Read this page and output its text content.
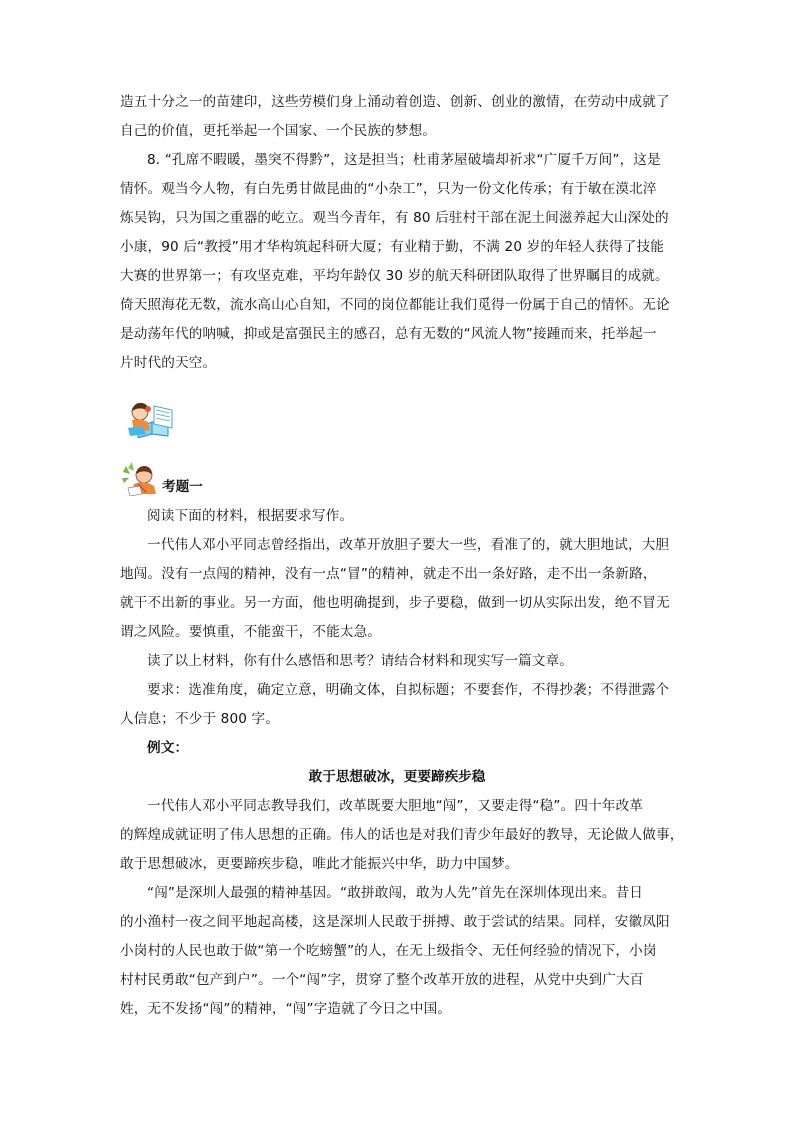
造五十分之一的苗建印，这些劳模们身上涌动着创造、创新、创业的激情，在劳动中成就了
自己的价值，更托举起一个国家、一个民族的梦想。
8. “孔席不暇暖，墨突不得黔”，这是担当；杜甫茅屋破墙却祈求“广厦千万间”，这是
情怀。观当今人物，有白先勇甘做昆曲的“小杂工”，只为一份文化传承；有于敏在漠北淬
炼吴钩，只为国之重器的屹立。观当今青年，有 80 后驻村干部在泥土间滋养起大山深处的
小康，90 后“教授”用才华构筑起科研大厦；有业精于勤，不满 20 岁的年轻人获得了技能
大赛的世界第一；有攻坚克难，平均年龄仅 30 岁的航天科研团队取得了世界瞩目的成就。
倚天照海花无数，流水高山心自知，不同的岗位都能让我们觅得一份属于自己的情怀。无论
是动荡年代的呐喊，抑或是富强民主的感召，总有无数的“风流人物”接踵而来，托举起一
片时代的天空。
考题一
阅读下面的材料，根据要求写作。
一代伟人邓小平同志曾经指出，改革开放胆子要大一些，看准了的，就大胆地试，大胆
地闯。没有一点闯的精神，没有一点“冒”的精神，就走不出一条好路，走不出一条新路，
就干不出新的事业。另一方面，他也明确提到，步子要稳，做到一切从实际出发，绝不冒无
谓之风险。要慎重，不能蛮干，不能太急。
读了以上材料，你有什么感悟和思考？请结合材料和现实写一篇文章。
要求：选准角度，确定立意，明确文体，自拟标题；不要套作，不得抄袭；不得泄露个
人信息；不少于 800 字。
例文：
敢于思想破冰，更要蹄疾步稳
一代伟人邓小平同志教导我们，改革既要大胆地“闯”，又要走得“稳”。四十年改革
的辉煌成就证明了伟人思想的正确。伟人的话也是对我们青少年最好的教导，无论做人做事，
敢于思想破冰，更要蹄疾步稳，唯此才能振兴中华，助力中国梦。
“闯”是深圳人最强的精神基因。“敢拼敢闯，敢为人先”首先在深圳体现出来。昔日
的小渔村一夜之间平地起高楼，这是深圳人民敢于拼搏、敢于尝试的结果。同样，安徽凤阳
小岗村的人民也敢于做“第一个吃螃蟹”的人，在无上级指令、无任何经验的情况下，小岗
村村民勇敢“包产到户”。一个“闯”字，贯穿了整个改革开放的进程，从党中央到广大百
姓，无不发扬“闯”的精神，“闯”字造就了今日之中国。
